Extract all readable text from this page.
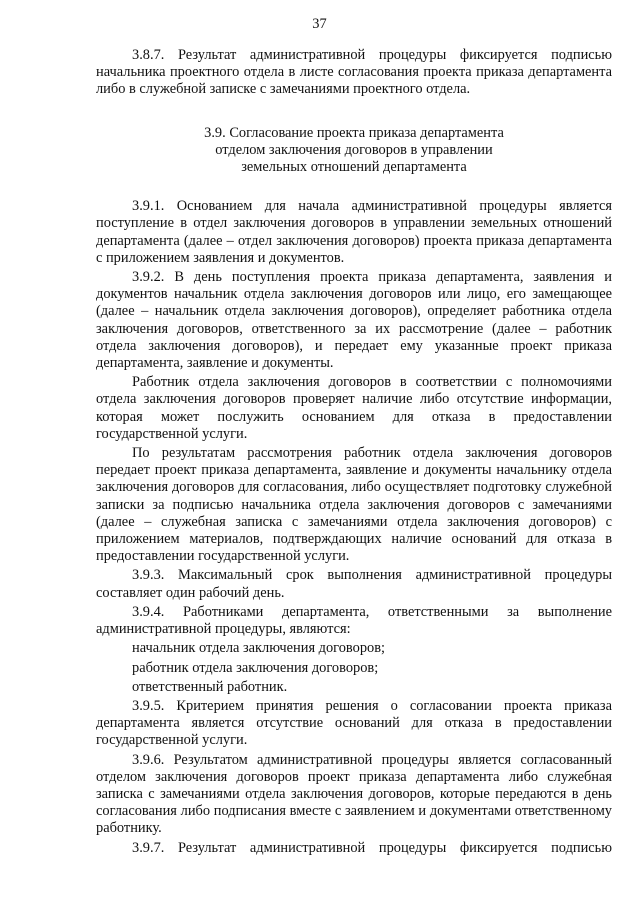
37

3.8.7. Результат административной процедуры фиксируется подписью начальника проектного отдела в листе согласования проекта приказа департамента либо в служебной записке с замечаниями проектного отдела.

3.9. Согласование проекта приказа департамента
отделом заключения договоров в управлении
земельных отношений департамента

3.9.1. Основанием для начала административной процедуры является поступление в отдел заключения договоров в управлении земельных отношений департамента (далее – отдел заключения договоров) проекта приказа департамента с приложением заявления и документов.

3.9.2. В день поступления проекта приказа департамента, заявления и документов начальник отдела заключения договоров или лицо, его замещающее (далее – начальник отдела заключения договоров), определяет работника отдела заключения договоров, ответственного за их рассмотрение (далее – работник отдела заключения договоров), и передает ему указанные проект приказа департамента, заявление и документы.

Работник отдела заключения договоров в соответствии с полномочиями отдела заключения договоров проверяет наличие либо отсутствие информации, которая может послужить основанием для отказа в предоставлении государственной услуги.

По результатам рассмотрения работник отдела заключения договоров передает проект приказа департамента, заявление и документы начальнику отдела заключения договоров для согласования, либо осуществляет подготовку служебной записки за подписью начальника отдела заключения договоров с замечаниями (далее – служебная записка с замечаниями отдела заключения договоров) с приложением материалов, подтверждающих наличие оснований для отказа в предоставлении государственной услуги.

3.9.3. Максимальный срок выполнения административной процедуры составляет один рабочий день.

3.9.4. Работниками департамента, ответственными за выполнение административной процедуры, являются:

начальник отдела заключения договоров;

работник отдела заключения договоров;

ответственный работник.

3.9.5. Критерием принятия решения о согласовании проекта приказа департамента является отсутствие оснований для отказа в предоставлении государственной услуги.

3.9.6. Результатом административной процедуры является согласованный отделом заключения договоров проект приказа департамента либо служебная записка с замечаниями отдела заключения договоров, которые передаются в день согласования либо подписания вместе с заявлением и документами ответственному работнику.

3.9.7. Результат административной процедуры фиксируется подписью
